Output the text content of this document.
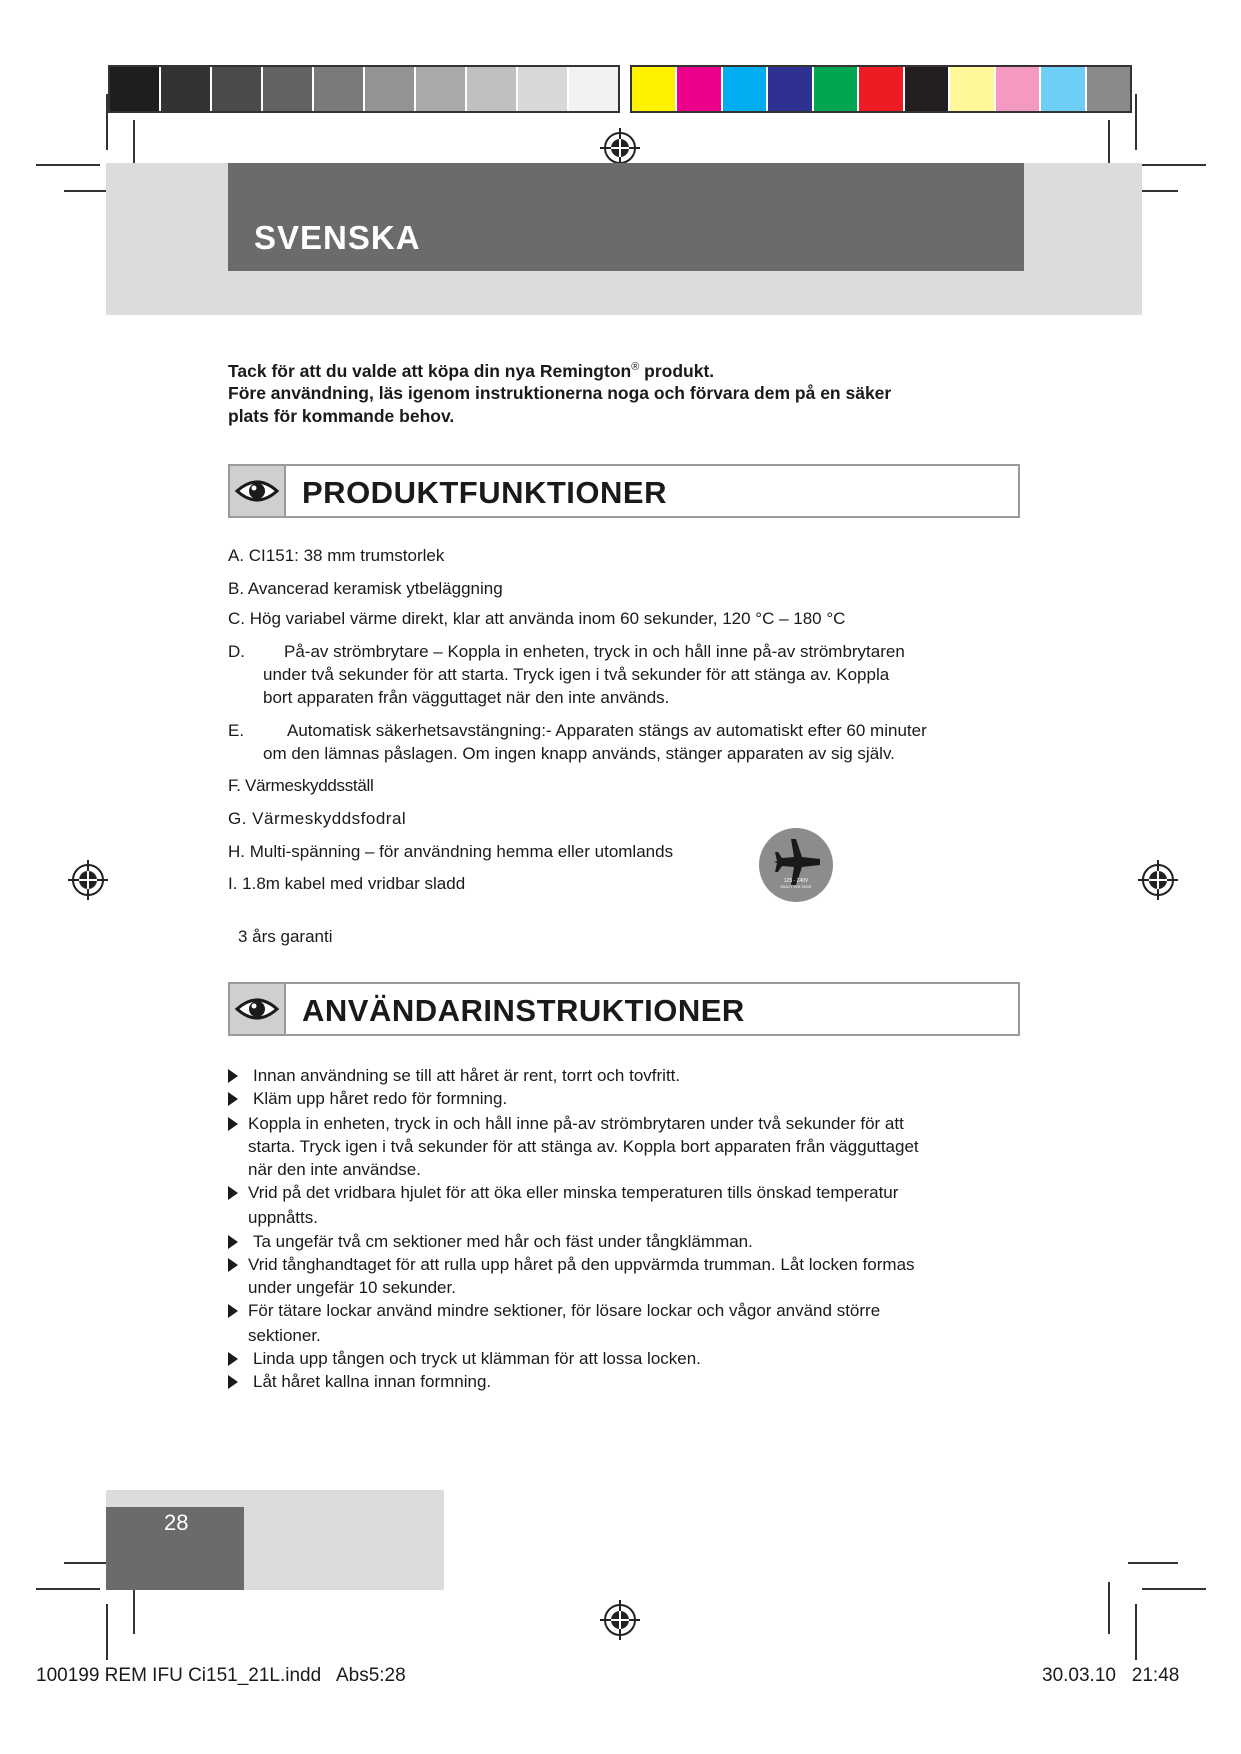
SVENSKA
Tack för att du valde att köpa din nya Remington® produkt.
Före användning, läs igenom instruktionerna noga och förvara dem på en säker
plats för kommande behov.
PRODUKTFUNKTIONER
A. CI151: 38 mm trumstorlek
B. Avancerad keramisk ytbeläggning
C. Hög variabel värme direkt, klar att använda inom 60 sekunder, 120 °C – 180 °C
D. På-av strömbrytare – Koppla in enheten, tryck in och håll inne på-av strömbrytaren
under två sekunder för att starta. Tryck igen i två sekunder för att stänga av. Koppla
bort apparaten från vägguttaget när den inte används.
E.	Automatisk säkerhetsavstängning:- Apparaten stängs av automatiskt efter 60 minuter
om den lämnas påslagen. Om ingen knapp används, stänger apparaten av sig själv.
F. Värmeskyddsställ
G. Värmeskyddsfodral
H. Multi-spänning – för användning hemma eller utomlands
I. 1.8m kabel med vridbar sladd	125 - 240V
MULTI VOLTAGE
3 års garanti
ANVÄNDARINSTRUKTIONER
Innan användning se till att håret är rent, torrt och tovfritt.
Kläm upp håret redo för formning.
Koppla in enheten, tryck in och håll inne på-av strömbrytaren under två sekunder för att
starta. Tryck igen i två sekunder för att stänga av. Koppla bort apparaten från vägguttaget
när den inte användse.
Vrid på det vridbara hjulet för att öka eller minska temperaturen tills önskad temperatur
uppnåtts.
Ta ungefär två cm sektioner med hår och fäst under tångklämman.
Vrid tånghandtaget för att rulla upp håret på den uppvärmda trumman. Låt locken formas
under ungefär 10 sekunder.
För tätare lockar använd mindre sektioner, för lösare lockar och vågor använd större
sektioner.
Linda upp tången och tryck ut klämman för att lossa locken.
Låt håret kallna innan formning.
28
100199 REM IFU Ci151_21L.indd   Abs5:28	30.03.10   21:48
